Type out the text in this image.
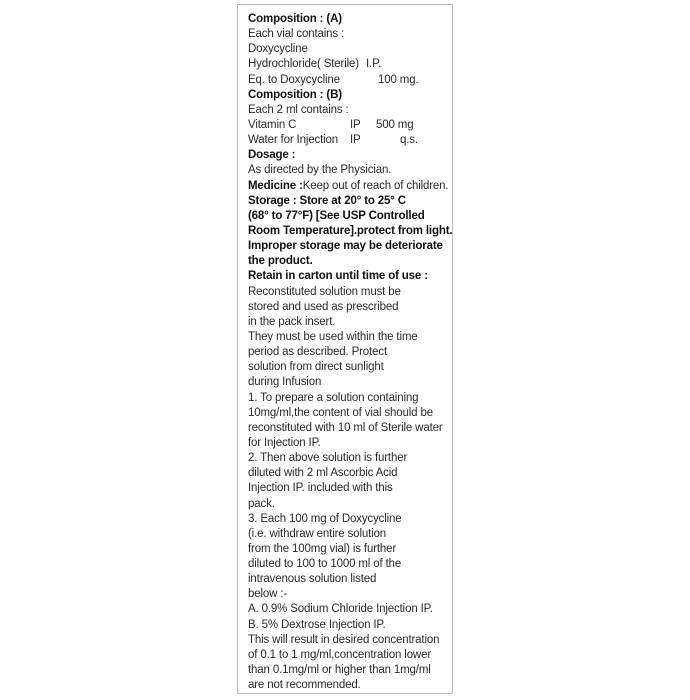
Composition : (A)
Each vial contains :
Doxycycline
Hydrochloride( Sterile) I.P.
Eq. to Doxycycline	100 mg.
Composition : (B)
Each 2 ml contains :
Vitamin C	IP 500 mg
Water for Injection IP	q.s.
Dosage :
As directed by the Physician.
Medicine :Keep out of reach of children.
Storage : Store at 20° to 25° C
(68° to 77°F) [See USP Controlled
Room Temperature].protect from light.
Improper storage may be deteriorate
the product.
Retain in carton until time of use :
Reconstituted solution must be
stored and used as prescribed
in the pack insert.
They must be used within the time
period as described. Protect
solution from direct sunlight
during Infusion
1. To prepare a solution containing
10mg/ml,the content of vial should be
reconstituted with 10 ml of Sterile water
for Injection IP.
2. Then above solution is further
diluted with 2 ml Ascorbic Acid
Injection IP. included with this
pack.
3. Each 100 mg of Doxycycline
(i.e. withdraw entire solution
from the 100mg vial) is further
diluted to 100 to 1000 ml of the
intravenous solution listed
below :-
A. 0.9% Sodium Chloride Injection IP.
B. 5% Dextrose Injection IP.
This will result in desired concentration
of 0.1 to 1 mg/ml,concentration lower
than 0.1mg/ml or higher than 1mg/ml
are not recommended.
